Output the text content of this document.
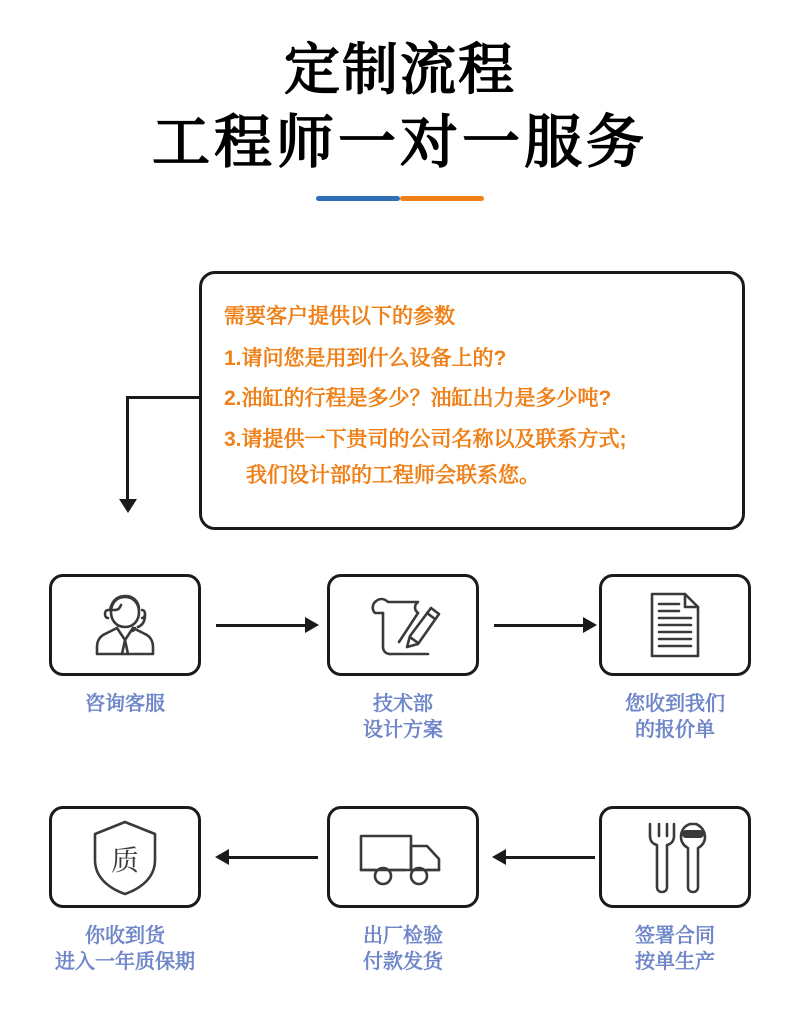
定制流程
工程师一对一服务
需要客户提供以下的参数
1.请问您是用到什么设备上的?
2.油缸的行程是多少？油缸出力是多少吨?
3.请提供一下贵司的公司名称以及联系方式;
我们设计部的工程师会联系您。
咨询客服	技术部
设计方案
您收到我们
的报价单
签署合同
按单生产
出厂检验
付款发货
质
你收到货
进入一年质保期
